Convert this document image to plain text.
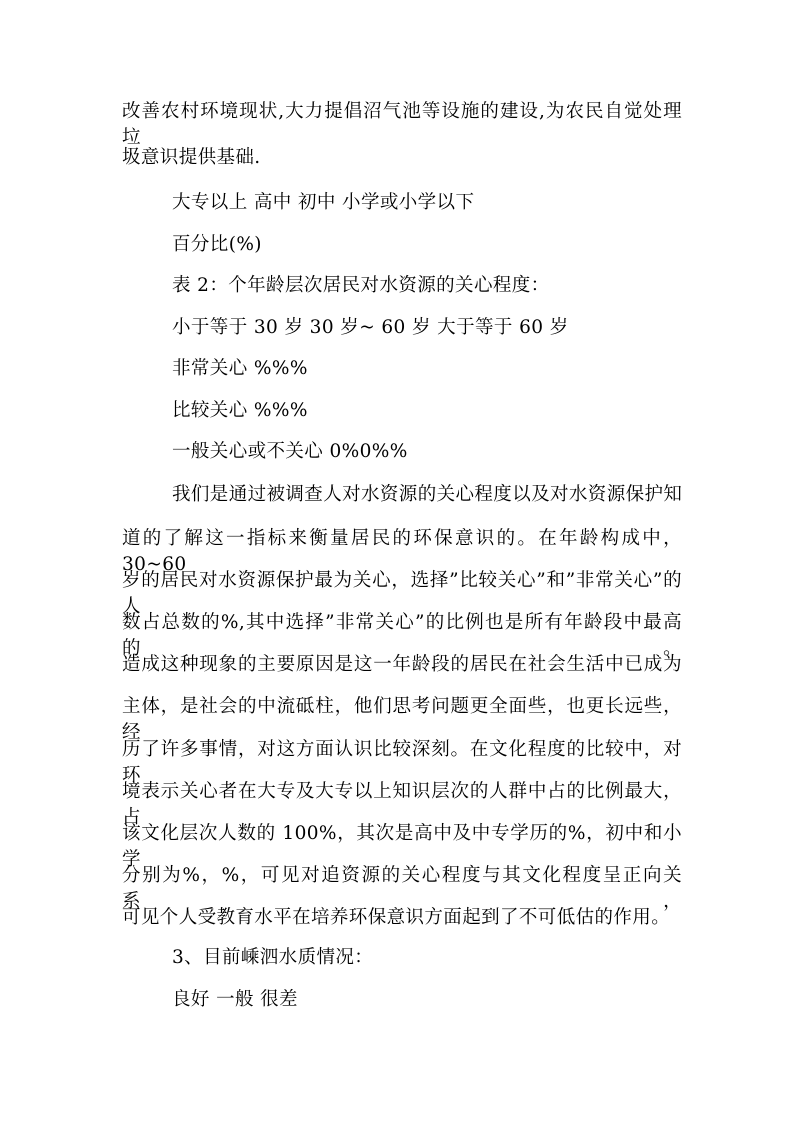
改善农村环境现状,大力提倡沼气池等设施的建设,为农民自觉处理垃
圾意识提供基础.
大专以上 高中 初中 小学或小学以下
百分比(%)
表 2：个年龄层次居民对水资源的关心程度：
小于等于 30 岁 30 岁~ 60 岁 大于等于 60 岁
非常关心 %%%
比较关心 %%%
一般关心或不关心 0%0%%
我们是通过被调查人对水资源的关心程度以及对水资源保护知
道的了解这一指标来衡量居民的环保意识的。在年龄构成中，30~60
岁的居民对水资源保护最为关心，选择”比较关心”和”非常关心”的人
数占总数的%,其中选择”非常关心”的比例也是所有年龄段中最高的。
造成这种现象的主要原因是这一年龄段的居民在社会生活中已成为
主体，是社会的中流砥柱，他们思考问题更全面些，也更长远些，经
历了许多事情，对这方面认识比较深刻。在文化程度的比较中，对环
境表示关心者在大专及大专以上知识层次的人群中占的比例最大，占
该文化层次人数的 100%，其次是高中及中专学历的%，初中和小学
分别为%，%，可见对追资源的关心程度与其文化程度呈正向关系，
可见个人受教育水平在培养环保意识方面起到了不可低估的作用。
3、目前嵊泗水质情况：
良好 一般 很差
